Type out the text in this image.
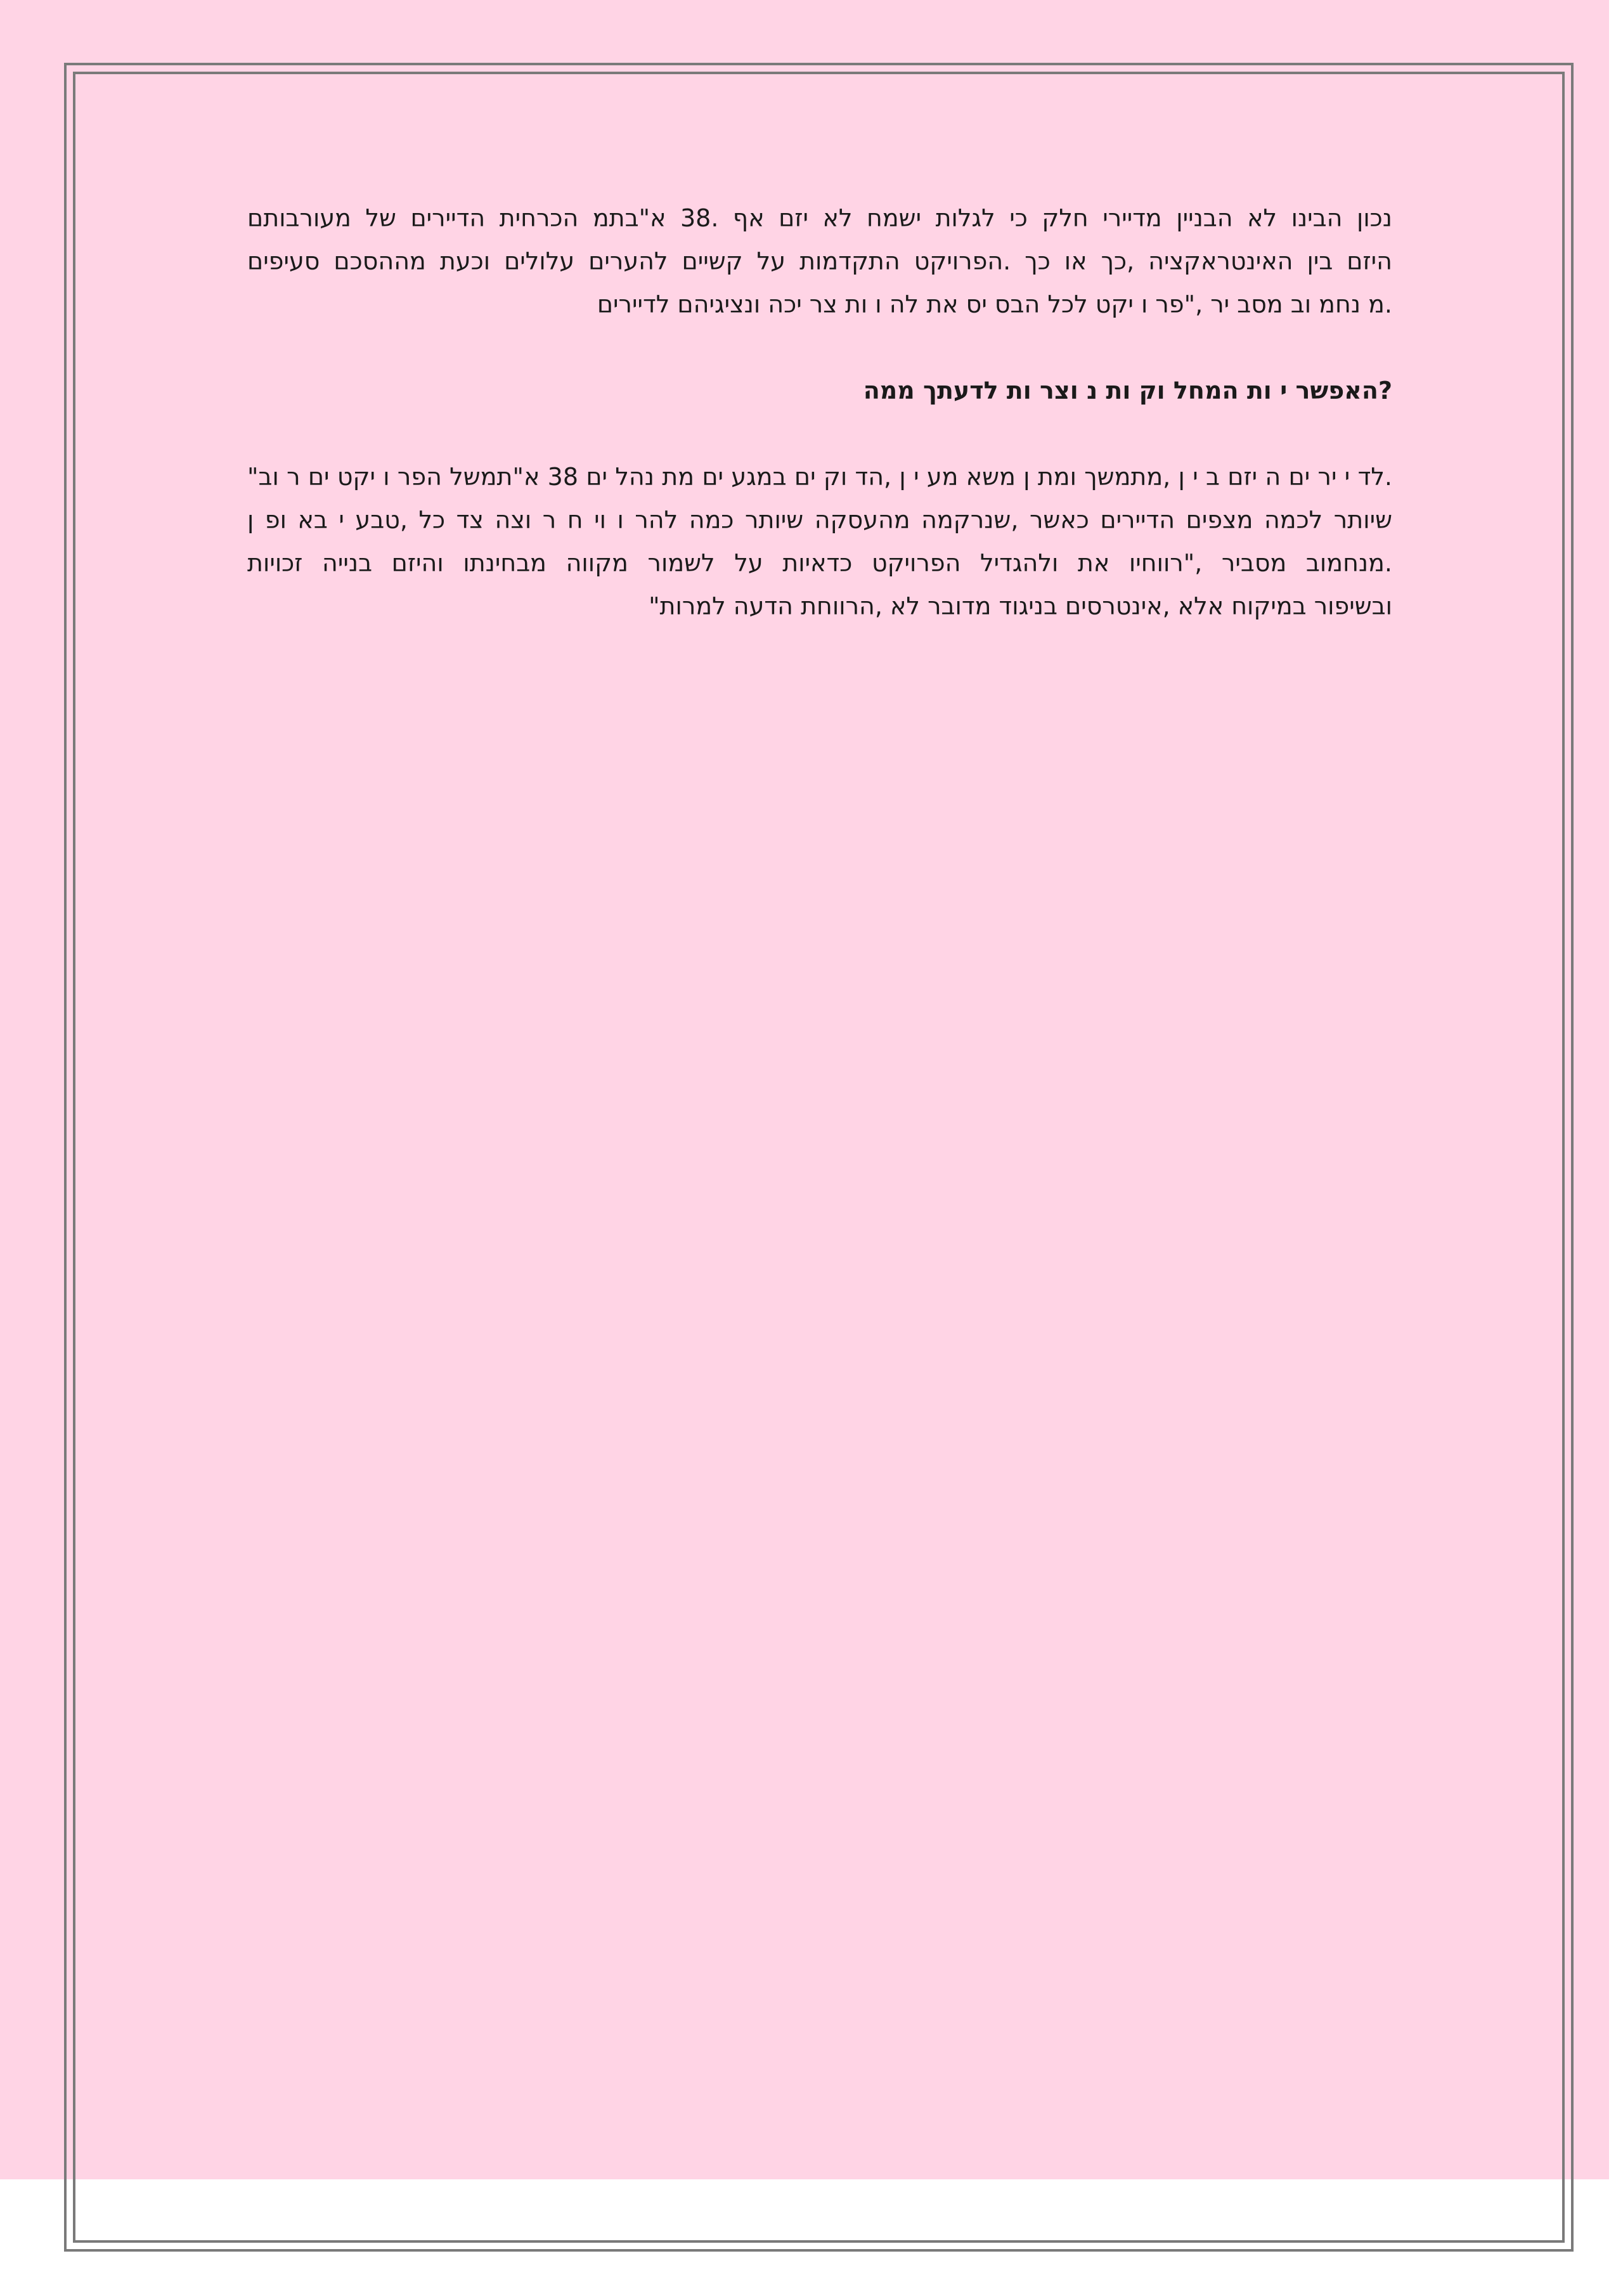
נכון הבינו לא הבניין מדיירי חלק כי לגלות ישמח לא יזם אף .38 א"בתמ הכרחית הדיירים של מעורבותם
היזם בין האינטראקציה ,כך או כך .הפרויקט התקדמות על קשיים להערים עלולים וכעת מההסכם סעיפים
.מ נחמ וב מסב יר ,"פר ו יקט לכל הבס יס את לה ו ות צר יכה ונציגיהם לדיירים

?האפשר י ות המחל וק ות נ וצר ות לדעתך ממה

.לד י יר ים ה יזם ב י ן ,מתמשך ומת ן משא מע י ן ,הד וק ים במגע ים מת נהל ים 38 א"תמשל הפר ו יקט ים ר וב"
שיותר לכמה מצפים הדיירים כאשר ,שנרקמה מהעסקה שיותר כמה להר ו וי ח ר וצה צד כל ,טבע י בא ופ ן
.מנחמוב מסביר ,"רווחיו את ולהגדיל הפרויקט כדאיות על לשמור מקווה מבחינתו והיזם בנייה זכויות
ובשיפור במיקוח אלא ,אינטרסים בניגוד מדובר לא ,הרווחת הדעה למרות"
